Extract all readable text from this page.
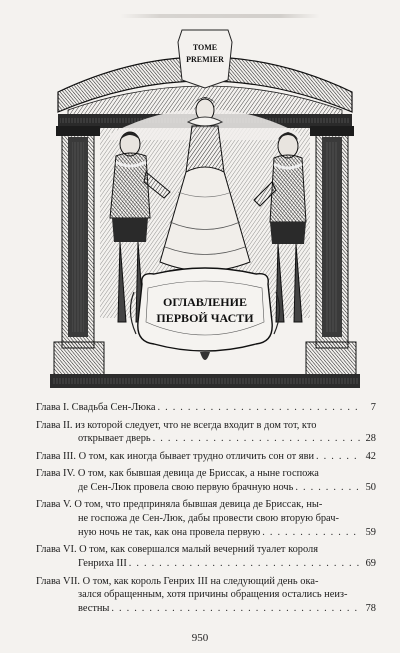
TOME
PREMIER
ОГЛАВЛЕНИЕ
ПЕРВОЙ ЧАСТИ
Глава I. Свадьба Сен-Люка . . .	7
Глава II. из которой следует, что не всегда входит в дом тот, кто
открывает дверь . . .	28
Глава III. О том, как иногда бывает трудно отличить сон от яви . . .	42
Глава IV. О том, как бывшая девица де Бриссак, а ныне госпожа
де Сен-Люк провела свою первую брачную ночь . . .	50
Глава V. О том, что предприняла бывшая девица де Бриссак, ны-
не госпожа де Сен-Люк, дабы провести свою вторую брач-
ную ночь не так, как она провела первую . . .	59
Глава VI. О том, как совершался малый вечерний туалет короля
Генриха III . . .	69
Глава VII. О том, как король Генрих III на следующий день ока-
зался обращенным, хотя причины обращения остались неиз-
вестны . . .	78
950
